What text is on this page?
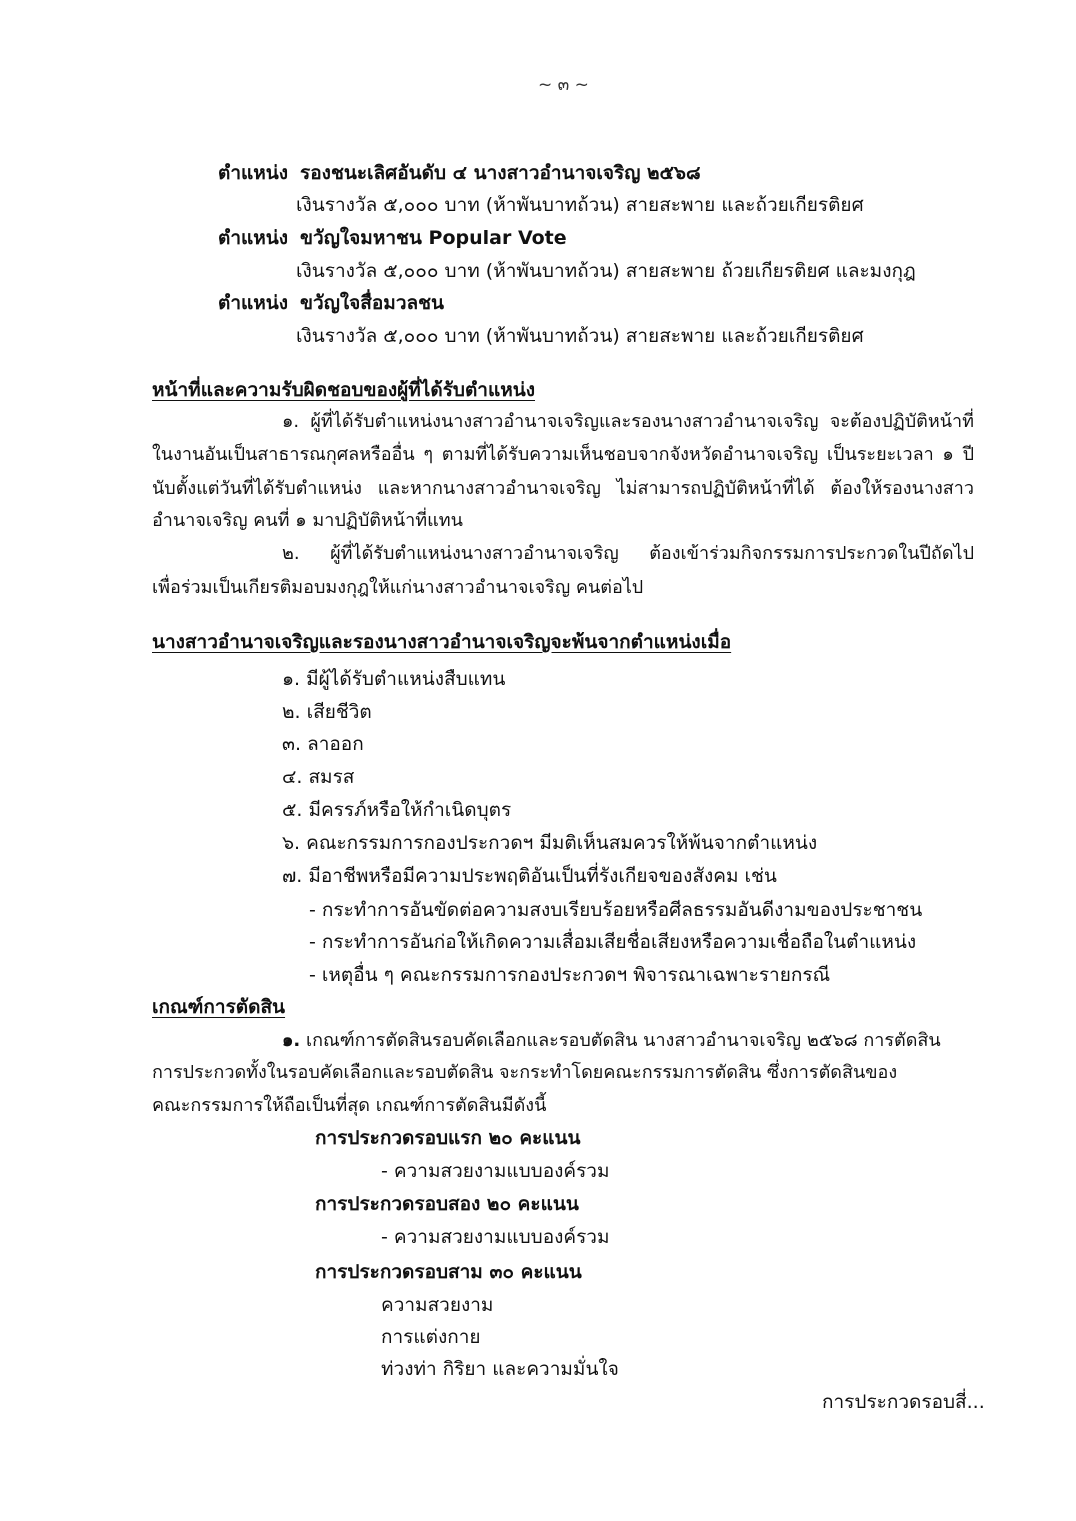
~ ๓ ~
ตำแหน่ง รองชนะเลิศอันดับ ๔ นางสาวอำนาจเจริญ ๒๕๖๘
เงินรางวัล ๕,๐๐๐ บาท (ห้าพันบาทถ้วน) สายสะพาย และถ้วยเกียรติยศ
ตำแหน่ง ขวัญใจมหาชน Popular Vote
เงินรางวัล ๕,๐๐๐ บาท (ห้าพันบาทถ้วน) สายสะพาย ถ้วยเกียรติยศ และมงกุฎ
ตำแหน่ง ขวัญใจสื่อมวลชน
เงินรางวัล ๕,๐๐๐ บาท (ห้าพันบาทถ้วน) สายสะพาย และถ้วยเกียรติยศ
หน้าที่และความรับผิดชอบของผู้ที่ได้รับตำแหน่ง
๑. ผู้ที่ได้รับตำแหน่งนางสาวอำนาจเจริญและรองนางสาวอำนาจเจริญ จะต้องปฏิบัติหน้าที่
ในงานอันเป็นสาธารณกุศลหรืออื่น ๆ ตามที่ได้รับความเห็นชอบจากจังหวัดอำนาจเจริญ เป็นระยะเวลา ๑ ปี
นับตั้งแต่วันที่ได้รับตำแหน่ง และหากนางสาวอำนาจเจริญ ไม่สามารถปฏิบัติหน้าที่ได้ ต้องให้รองนางสาว
อำนาจเจริญ คนที่ ๑ มาปฏิบัติหน้าที่แทน
๒. ผู้ที่ได้รับตำแหน่งนางสาวอำนาจเจริญ ต้องเข้าร่วมกิจกรรมการประกวดในปีถัดไป
เพื่อร่วมเป็นเกียรติมอบมงกุฎให้แก่นางสาวอำนาจเจริญ คนต่อไป
นางสาวอำนาจเจริญและรองนางสาวอำนาจเจริญจะพ้นจากตำแหน่งเมื่อ
๑. มีผู้ได้รับตำแหน่งสืบแทน
๒. เสียชีวิต
๓. ลาออก
๔. สมรส
๕. มีครรภ์หรือให้กำเนิดบุตร
๖. คณะกรรมการกองประกวดฯ มีมติเห็นสมควรให้พ้นจากตำแหน่ง
๗. มีอาชีพหรือมีความประพฤติอันเป็นที่รังเกียจของสังคม เช่น
- กระทำการอันขัดต่อความสงบเรียบร้อยหรือศีลธรรมอันดีงามของประชาชน
- กระทำการอันก่อให้เกิดความเสื่อมเสียชื่อเสียงหรือความเชื่อถือในตำแหน่ง
- เหตุอื่น ๆ คณะกรรมการกองประกวดฯ พิจารณาเฉพาะรายกรณี
เกณฑ์การตัดสิน
๑. เกณฑ์การตัดสินรอบคัดเลือกและรอบตัดสิน นางสาวอำนาจเจริญ ๒๕๖๘ การตัดสิน
การประกวดทั้งในรอบคัดเลือกและรอบตัดสิน จะกระทำโดยคณะกรรมการตัดสิน ซึ่งการตัดสินของ
คณะกรรมการให้ถือเป็นที่สุด เกณฑ์การตัดสินมีดังนี้
การประกวดรอบแรก ๒๐ คะแนน
- ความสวยงามแบบองค์รวม
การประกวดรอบสอง ๒๐ คะแนน
- ความสวยงามแบบองค์รวม
การประกวดรอบสาม ๓๐ คะแนน
ความสวยงาม
การแต่งกาย
ท่วงท่า กิริยา และความมั่นใจ
การประกวดรอบสี่...
